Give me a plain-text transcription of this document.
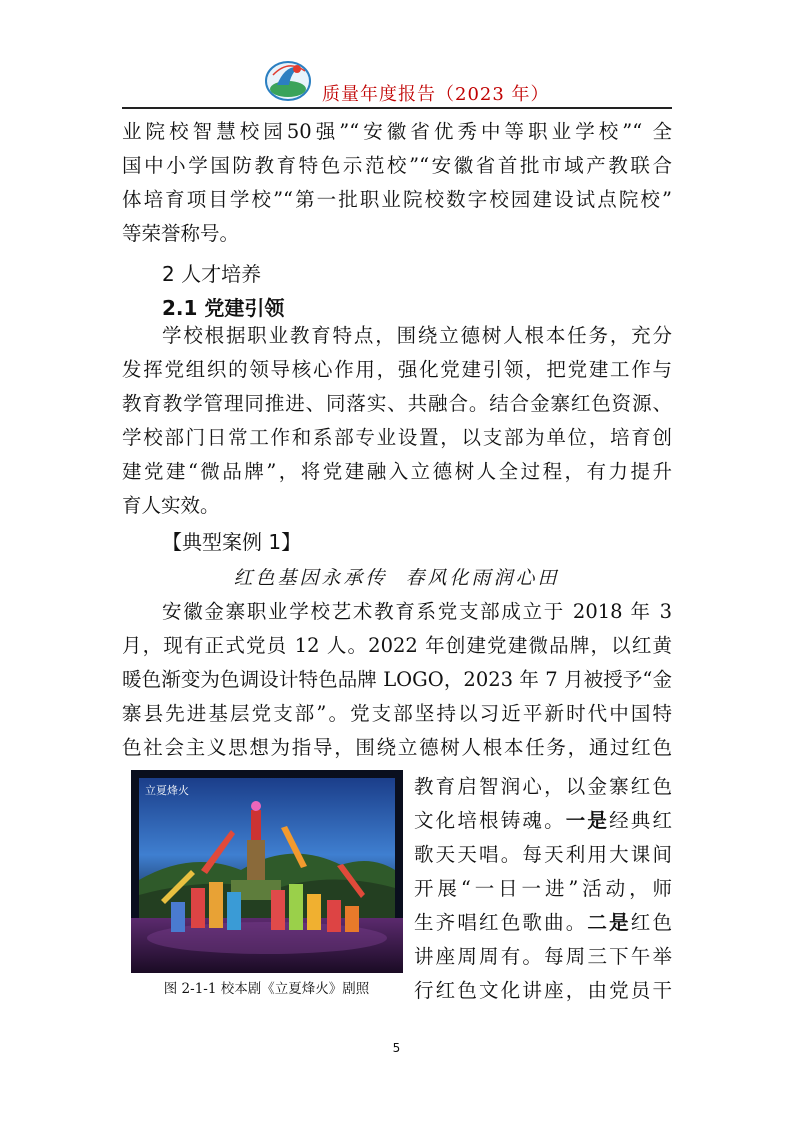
质量年度报告（2023 年）

业院校智慧校园50强”“安徽省优秀中等职业学校”“ 全
国中小学国防教育特色示范校”“安徽省首批市域产教联合
体培育项目学校”“第一批职业院校数字校园建设试点院校”
等荣誉称号。

2 人才培养
2.1 党建引领

学校根据职业教育特点，围绕立德树人根本任务，充分
发挥党组织的领导核心作用，强化党建引领，把党建工作与
教育教学管理同推进、同落实、共融合。结合金寨红色资源、
学校部门日常工作和系部专业设置，以支部为单位，培育创
建党建“微品牌”，将党建融入立德树人全过程，有力提升
育人实效。

【典型案例 1】
红色基因永承传  春风化雨润心田

安徽金寨职业学校艺术教育系党支部成立于 2018 年 3
月，现有正式党员 12 人。2022 年创建党建微品牌，以红黄
暖色渐变为色调设计特色品牌 LOGO，2023 年 7 月被授予“金
寨县先进基层党支部”。党支部坚持以习近平新时代中国特
色社会主义思想为指导，围绕立德树人根本任务，通过红色

立夏烽火
图 2-1-1 校本剧《立夏烽火》剧照
教育启智润心，以金寨红色
文化培根铸魂。一是经典红
歌天天唱。每天利用大课间
开展“一日一进”活动，师
生齐唱红色歌曲。二是红色
讲座周周有。每周三下午举
行红色文化讲座，由党员干
5
